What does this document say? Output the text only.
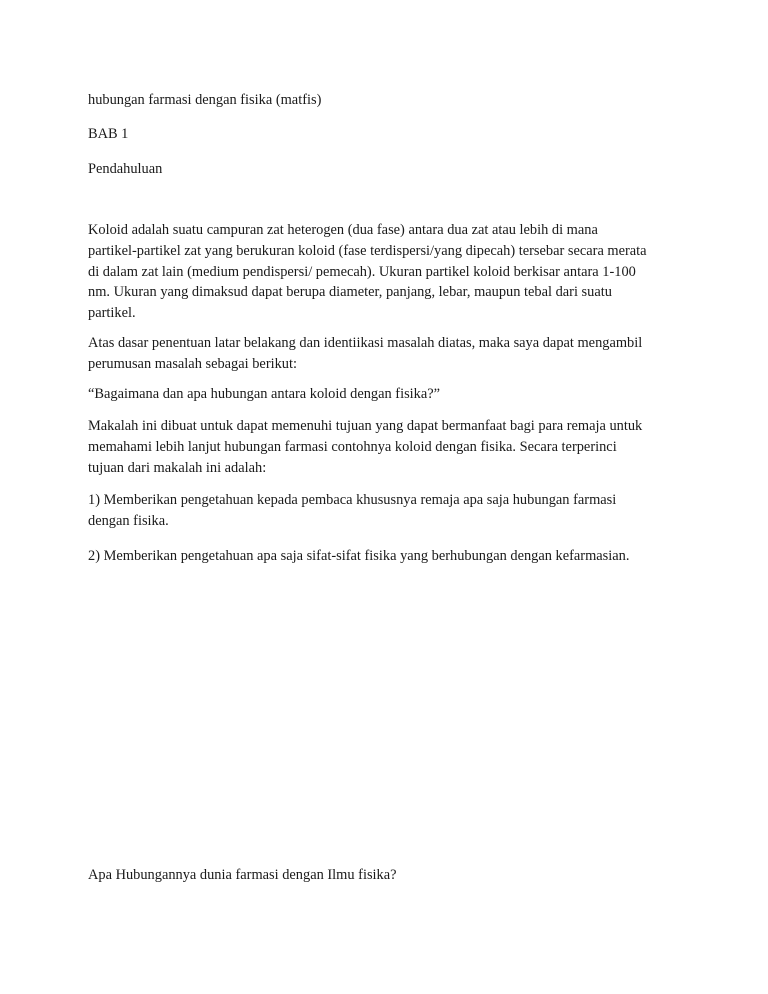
hubungan farmasi dengan fisika (matfis)
BAB 1
Pendahuluan
Koloid adalah suatu campuran zat heterogen (dua fase) antara dua zat atau lebih di mana
partikel-partikel zat yang berukuran koloid (fase terdispersi/yang dipecah) tersebar secara merata
di dalam zat lain (medium pendispersi/ pemecah). Ukuran partikel koloid berkisar antara 1-100
nm. Ukuran yang dimaksud dapat berupa diameter, panjang, lebar, maupun tebal dari suatu
partikel.
Atas dasar penentuan latar belakang dan identiikasi masalah diatas, maka saya dapat mengambil
perumusan masalah sebagai berikut:
“Bagaimana dan apa hubungan antara koloid dengan fisika?”
Makalah ini dibuat untuk dapat memenuhi tujuan yang dapat bermanfaat bagi para remaja untuk
memahami lebih lanjut hubungan farmasi contohnya koloid dengan fisika. Secara terperinci
tujuan dari makalah ini adalah:
1) Memberikan pengetahuan kepada pembaca khususnya remaja apa saja hubungan farmasi
dengan fisika.
2) Memberikan pengetahuan apa saja sifat-sifat fisika yang berhubungan dengan kefarmasian.
Apa Hubungannya dunia farmasi dengan Ilmu fisika?
